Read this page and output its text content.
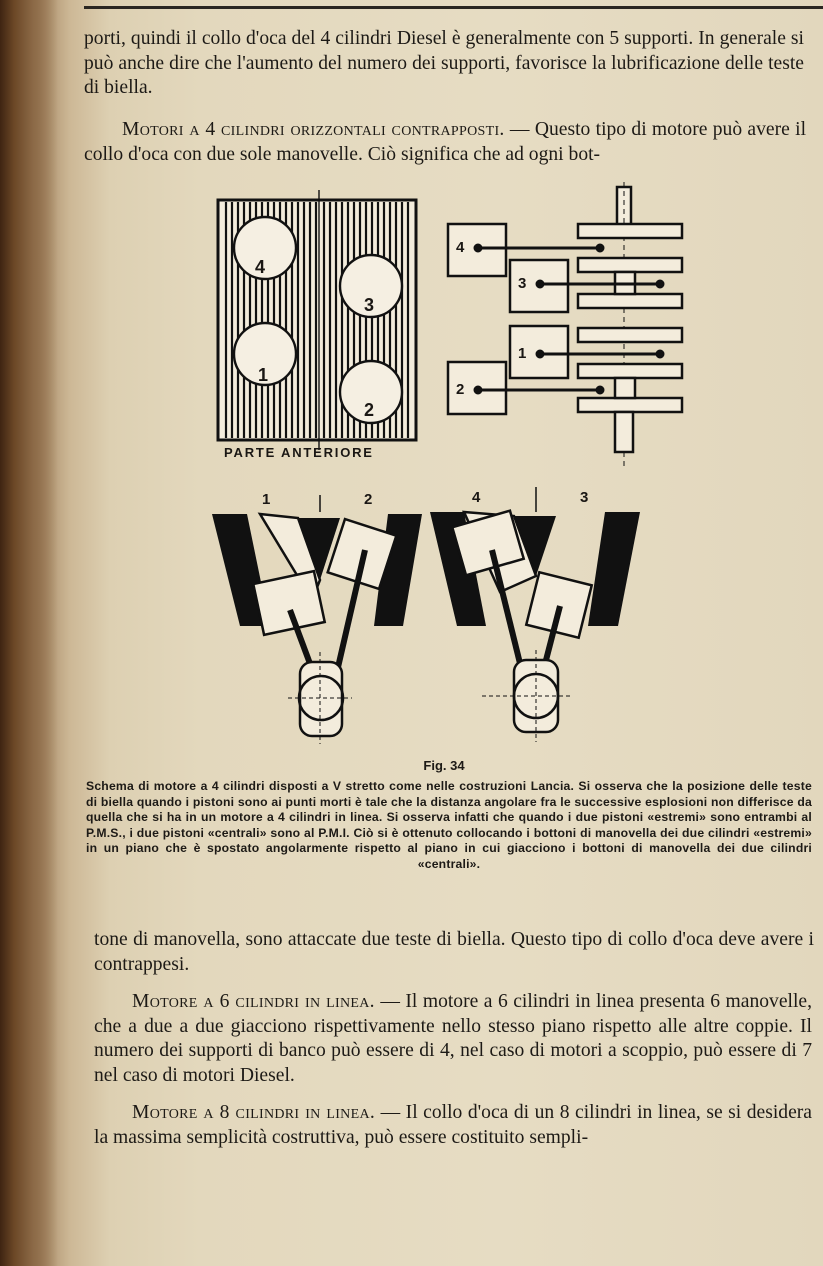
porti, quindi il collo d'oca del 4 cilindri Diesel è generalmente con 5 supporti. In generale si può anche dire che l'aumento del numero dei supporti, favorisce la lubrificazione delle teste di biella.
Motori a 4 cilindri orizzontali contrapposti. — Questo tipo di motore può avere il collo d'oca con due sole manovelle. Ciò significa che ad ogni bot-
4
3
1
2
PARTE ANTERIORE
4
3
1
2
1	2	4	3
Fig. 34
Schema di motore a 4 cilindri disposti a V stretto come nelle costruzioni Lancia. Si osserva che la posizione delle teste di biella quando i pistoni sono ai punti morti è tale che la distanza angolare fra le successive esplosioni non differisce da quella che si ha in un motore a 4 cilindri in linea. Si osserva infatti che quando i due pistoni «estremi» sono entrambi al P.M.S., i due pistoni «centrali» sono al P.M.I. Ciò si è ottenuto collocando i bottoni di manovella dei due cilindri «estremi» in un piano che è spostato angolarmente rispetto al piano in cui giacciono i bottoni di manovella dei due cilindri «centrali».
tone di manovella, sono attaccate due teste di biella. Questo tipo di collo d'oca deve avere i contrappesi.
Motore a 6 cilindri in linea. — Il motore a 6 cilindri in linea presenta 6 manovelle, che a due a due giacciono rispettivamente nello stesso piano rispetto alle altre coppie. Il numero dei supporti di banco può essere di 4, nel caso di motori a scoppio, può essere di 7 nel caso di motori Diesel.
Motore a 8 cilindri in linea. — Il collo d'oca di un 8 cilindri in linea, se si desidera la massima semplicità costruttiva, può essere costituito sempli-
